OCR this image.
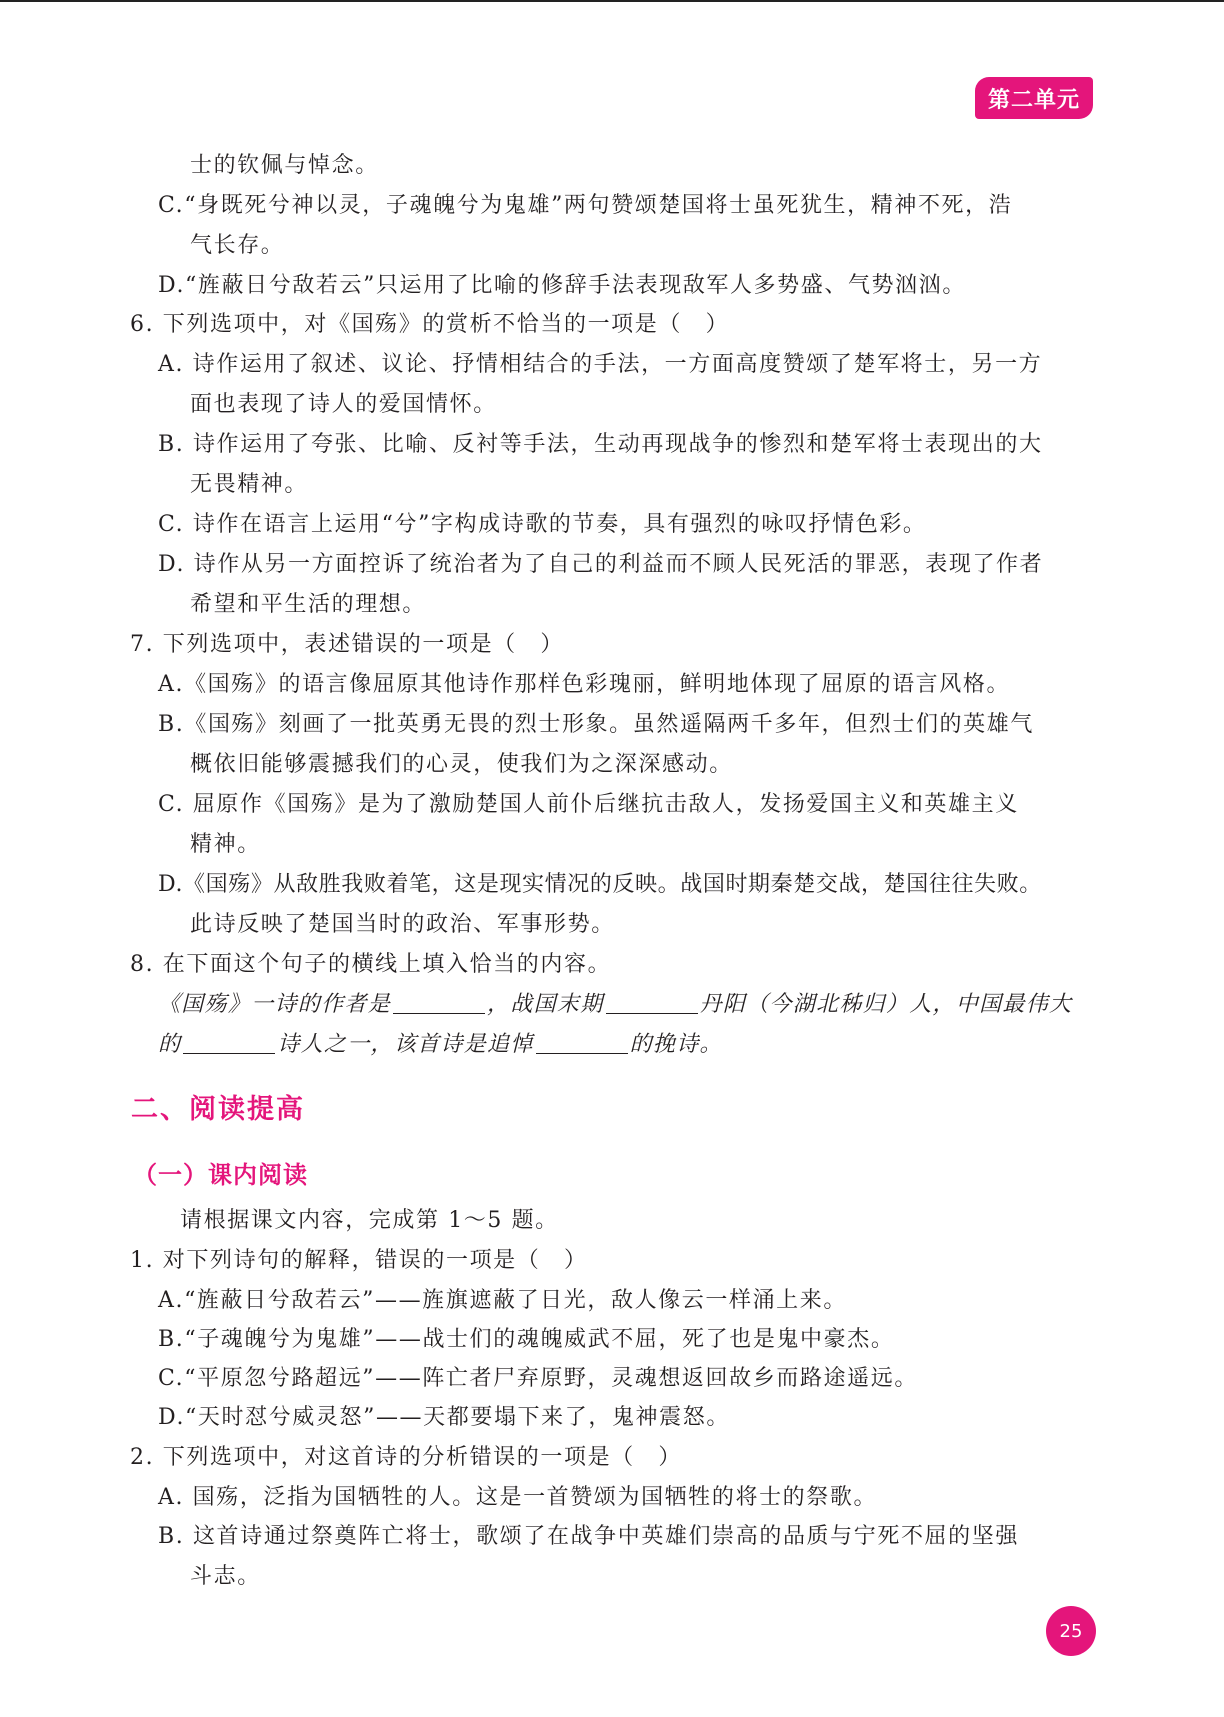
第二单元
士的钦佩与悼念。
C.“身既死兮神以灵，子魂魄兮为鬼雄”两句赞颂楚国将士虽死犹生，精神不死，浩
气长存。
D.“旌蔽日兮敌若云”只运用了比喻的修辞手法表现敌军人多势盛、气势汹汹。
6. 下列选项中，对《国殇》的赏析不恰当的一项是（　）
A. 诗作运用了叙述、议论、抒情相结合的手法，一方面高度赞颂了楚军将士，另一方
面也表现了诗人的爱国情怀。
B. 诗作运用了夸张、比喻、反衬等手法，生动再现战争的惨烈和楚军将士表现出的大
无畏精神。
C. 诗作在语言上运用“兮”字构成诗歌的节奏，具有强烈的咏叹抒情色彩。
D. 诗作从另一方面控诉了统治者为了自己的利益而不顾人民死活的罪恶，表现了作者
希望和平生活的理想。
7. 下列选项中，表述错误的一项是（　）
A.《国殇》的语言像屈原其他诗作那样色彩瑰丽，鲜明地体现了屈原的语言风格。
B.《国殇》刻画了一批英勇无畏的烈士形象。虽然遥隔两千多年，但烈士们的英雄气
概依旧能够震撼我们的心灵，使我们为之深深感动。
C. 屈原作《国殇》是为了激励楚国人前仆后继抗击敌人，发扬爱国主义和英雄主义
精神。
D.《国殇》从敌胜我败着笔，这是现实情况的反映。战国时期秦楚交战，楚国往往失败。
此诗反映了楚国当时的政治、军事形势。
8. 在下面这个句子的横线上填入恰当的内容。
《国殇》一诗的作者是	，战国末期	丹阳（今湖北秭归）人，中国最伟大
的	诗人之一，该首诗是追悼	的挽诗。
二、阅读提高
（一）课内阅读
请根据课文内容，完成第 1～5 题。
1. 对下列诗句的解释，错误的一项是（　）
A.“旌蔽日兮敌若云”——旌旗遮蔽了日光，敌人像云一样涌上来。
B.“子魂魄兮为鬼雄”——战士们的魂魄威武不屈，死了也是鬼中豪杰。
C.“平原忽兮路超远”——阵亡者尸弃原野，灵魂想返回故乡而路途遥远。
D.“天时怼兮威灵怒”——天都要塌下来了，鬼神震怒。
2. 下列选项中，对这首诗的分析错误的一项是（　）
A. 国殇，泛指为国牺牲的人。这是一首赞颂为国牺牲的将士的祭歌。
B. 这首诗通过祭奠阵亡将士，歌颂了在战争中英雄们崇高的品质与宁死不屈的坚强
斗志。
25
